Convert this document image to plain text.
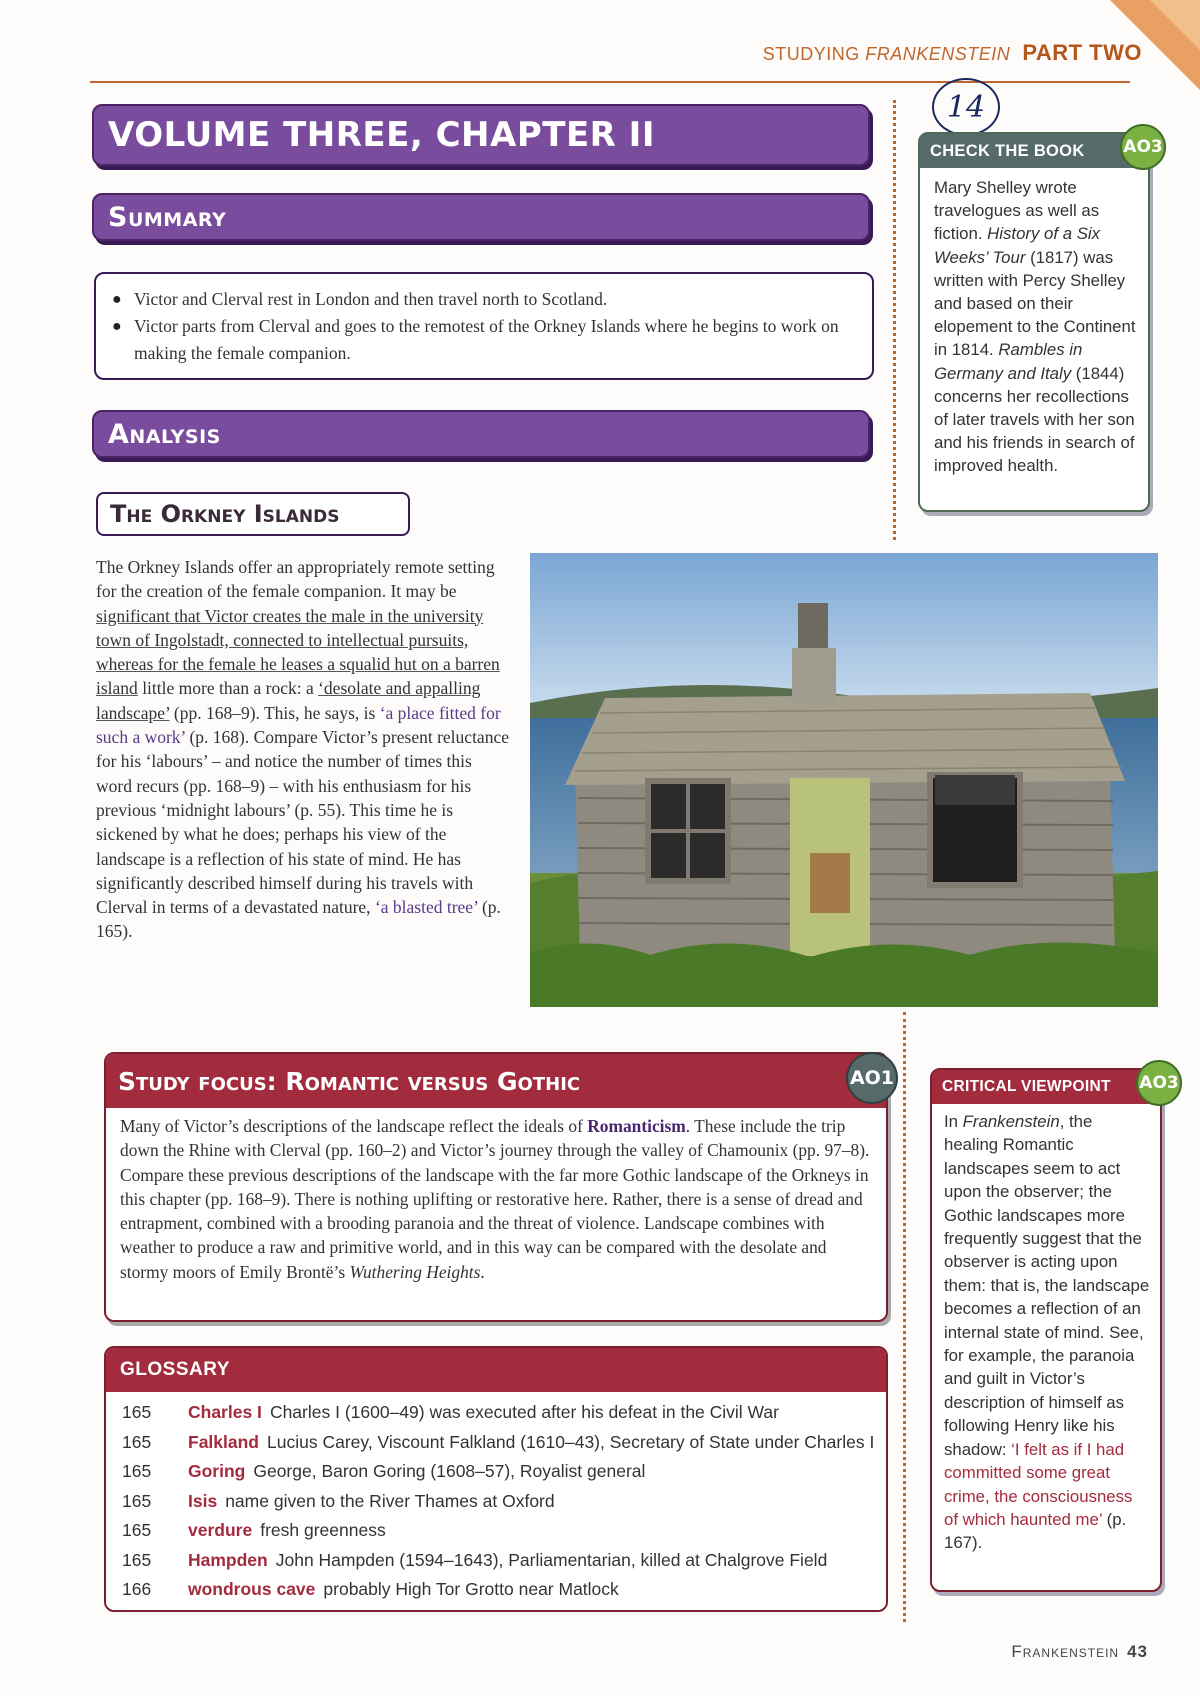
STUDYING FRANKENSTEIN PART TWO
VOLUME THREE, CHAPTER II
Summary
● Victor and Clerval rest in London and then travel north to Scotland.
● Victor parts from Clerval and goes to the remotest of the Orkney Islands where he begins to work on making the female companion.
Analysis
The Orkney Islands
The Orkney Islands offer an appropriately remote setting for the creation of the female companion. It may be significant that Victor creates the male in the university town of Ingolstadt, connected to intellectual pursuits, whereas for the female he leases a squalid hut on a barren island little more than a rock: a ‘desolate and appalling landscape’ (pp. 168–9). This, he says, is ‘a place fitted for such a work’ (p. 168). Compare Victor’s present reluctance for his ‘labours’ – and notice the number of times this word recurs (pp. 168–9) – with his enthusiasm for his previous ‘midnight labours’ (p. 55). This time he is sickened by what he does; perhaps his view of the landscape is a reflection of his state of mind. He has significantly described himself during his travels with Clerval in terms of a devastated nature, ‘a blasted tree’ (p. 165).
14
CHECK THE BOOK	AO3
Mary Shelley wrote travelogues as well as fiction. History of a Six Weeks’ Tour (1817) was written with Percy Shelley and based on their elopement to the Continent in 1814. Rambles in Germany and Italy (1844) concerns her recollections of later travels with her son and his friends in search of improved health.
Study focus: Romantic versus Gothic	AO1
Many of Victor’s descriptions of the landscape reflect the ideals of Romanticism. These include the trip down the Rhine with Clerval (pp. 160–2) and Victor’s journey through the valley of Chamounix (pp. 97–8). Compare these previous descriptions of the landscape with the far more Gothic landscape of the Orkneys in this chapter (pp. 168–9). There is nothing uplifting or restorative here. Rather, there is a sense of dread and entrapment, combined with a brooding paranoia and the threat of violence. Landscape combines with weather to produce a raw and primitive world, and in this way can be compared with the desolate and stormy moors of Emily Brontë’s Wuthering Heights.
CRITICAL VIEWPOINT	AO3
In Frankenstein, the healing Romantic landscapes seem to act upon the observer; the Gothic landscapes more frequently suggest that the observer is acting upon them: that is, the landscape becomes a reflection of an internal state of mind. See, for example, the paranoia and guilt in Victor’s description of himself as following Henry like his shadow: ‘I felt as if I had committed some great crime, the consciousness of which haunted me’ (p. 167).
GLOSSARY
165	Charles I Charles I (1600–49) was executed after his defeat in the Civil War
165	Falkland Lucius Carey, Viscount Falkland (1610–43), Secretary of State under Charles I
165	Goring George, Baron Goring (1608–57), Royalist general
165	Isis name given to the River Thames at Oxford
165	verdure fresh greenness
165	Hampden John Hampden (1594–1643), Parliamentarian, killed at Chalgrove Field
166	wondrous cave probably High Tor Grotto near Matlock
Frankenstein 43
